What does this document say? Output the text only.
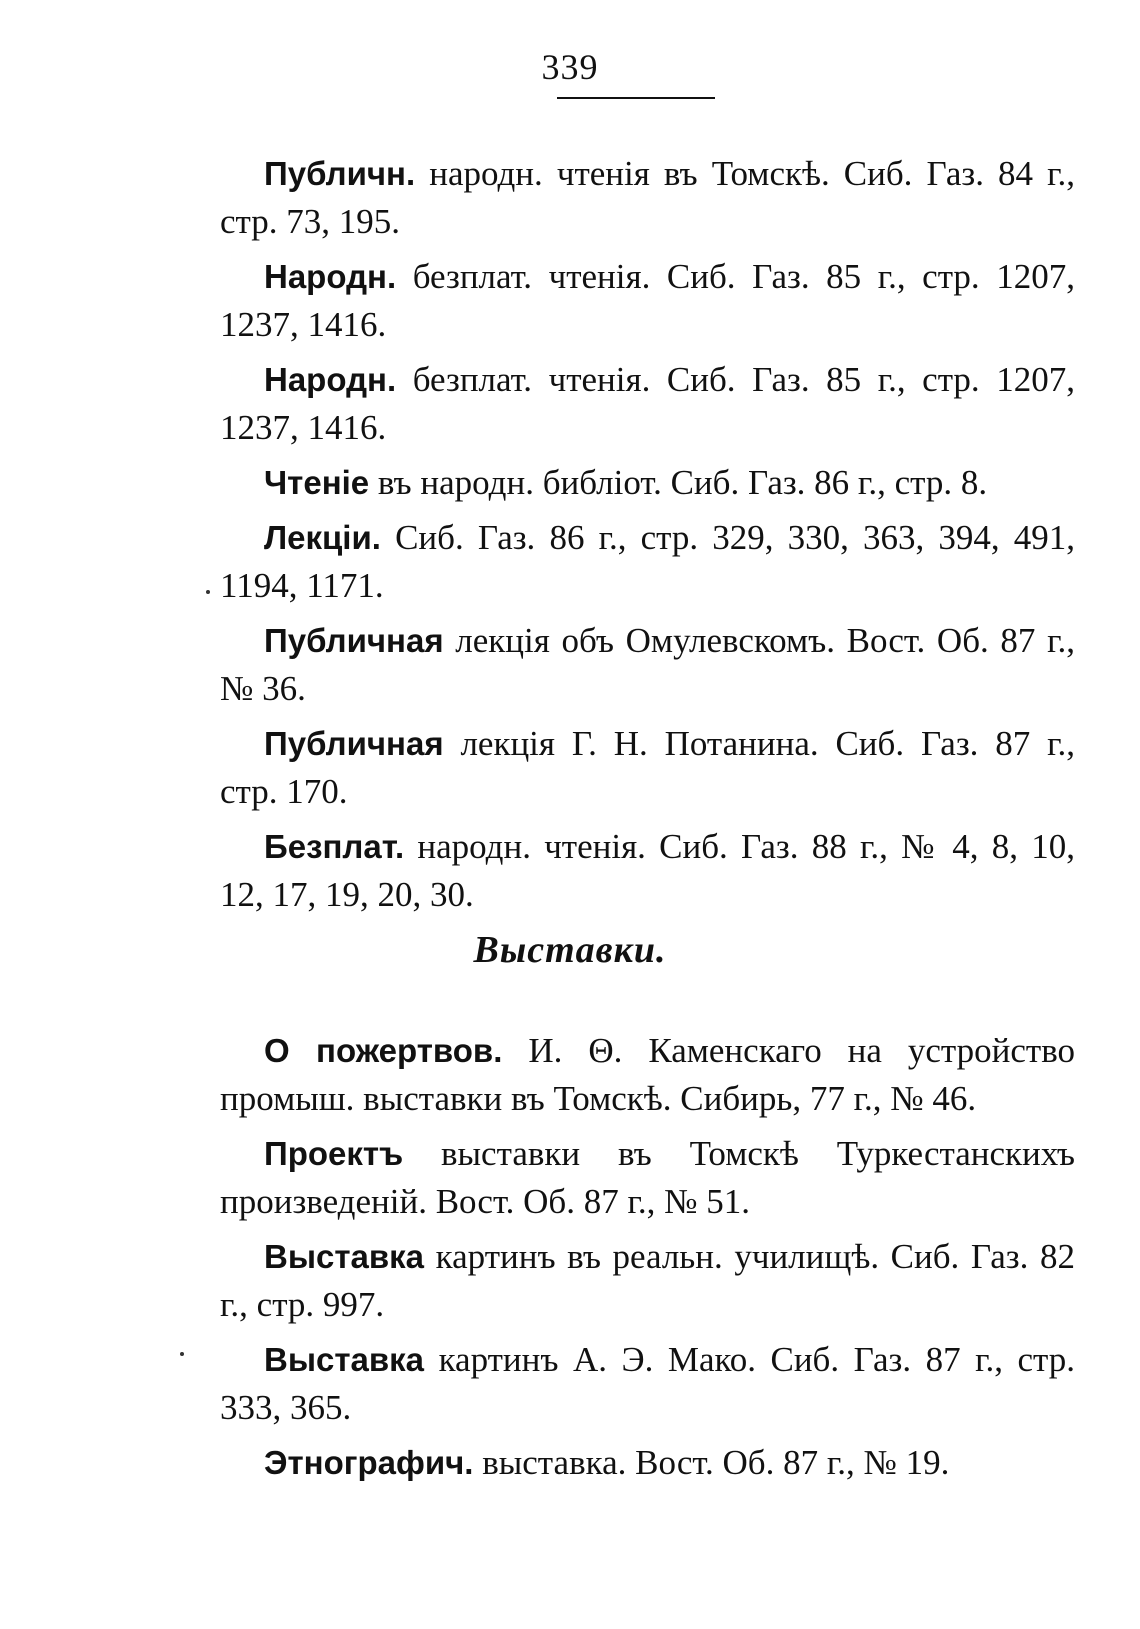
339

Публичн. народн. чтенія въ Томскѣ. Сиб. Газ. 84 г., стр. 73, 195.

Народн. безплат. чтенія. Сиб. Газ. 85 г., стр. 1207, 1237, 1416.

Народн. безплат. чтенія. Сиб. Газ. 85 г., стр. 1207, 1237, 1416.

Чтеніе въ народн. библіот. Сиб. Газ. 86 г., стр. 8.

Лекціи. Сиб. Газ. 86 г., стр. 329, 330, 363, 394, 491, 1194, 1171.

Публичная лекція объ Омулевскомъ. Вост. Об. 87 г., № 36.

Публичная лекція Г. Н. Потанина. Сиб. Газ. 87 г., стр. 170.

Безплат. народн. чтенія. Сиб. Газ. 88 г., № 4, 8, 10, 12, 17, 19, 20, 30.

Выставки.

О пожертвов. И. Θ. Каменскаго на устройство промыш. выставки въ Томскѣ. Сибирь, 77 г., № 46.

Проектъ выставки въ Томскѣ Туркестанскихъ произведеній. Вост. Об. 87 г., № 51.

Выставка картинъ въ реальн. училищѣ. Сиб. Газ. 82 г., стр. 997.

Выставка картинъ А. Э. Мако. Сиб. Газ. 87 г., стр. 333, 365.

Этнографич. выставка. Вост. Об. 87 г., № 19.
